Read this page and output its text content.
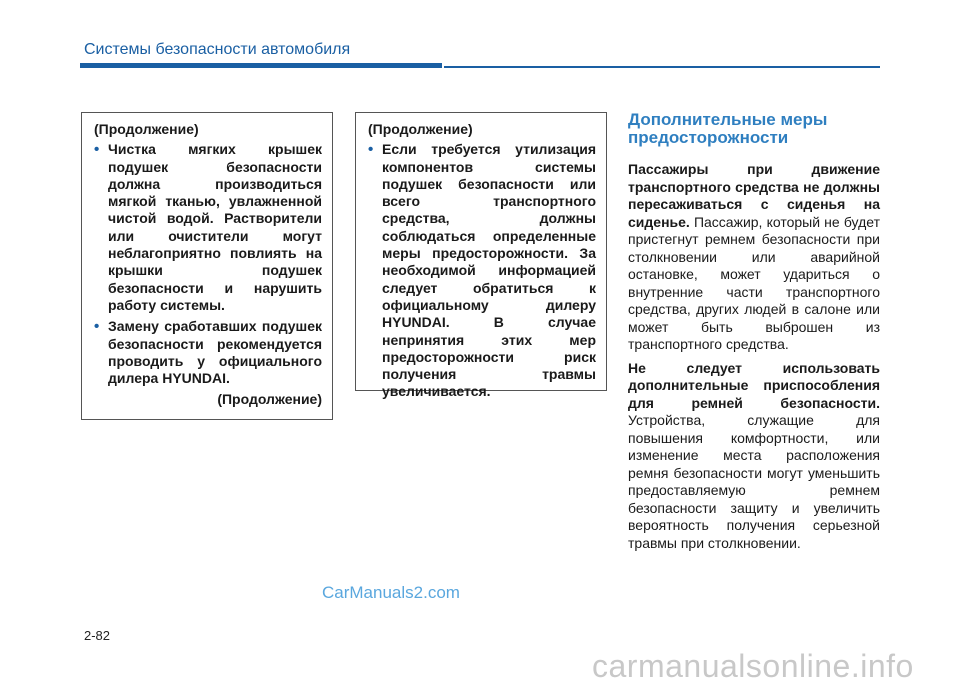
Системы безопасности автомобиля
(Продолжение)
• Чистка мягких крышек подушек безопасности должна производиться мягкой тканью, увлажненной чистой водой. Растворители или очистители могут неблагоприятно повлиять на крышки подушек безопасности и нарушить работу системы.
• Замену сработавших подушек безопасности рекомендуется проводить у официального дилера HYUNDAI.
(Продолжение)
(Продолжение)
• Если требуется утилизация компонентов системы подушек безопасности или всего транспортного средства, должны соблюдаться определенные меры предосторожности. За необходимой информацией следует обратиться к официальному дилеру HYUNDAI. В случае непринятия этих мер предосторожности риск получения травмы увеличивается.
Дополнительные меры предосторожности

Пассажиры при движение транспортного средства не должны пересаживаться с сиденья на сиденье. Пассажир, который не будет пристегнут ремнем безопасности при столкновении или аварийной остановке, может удариться о внутренние части транспортного средства, других людей в салоне или может быть выброшен из транспортного средства.

Не следует использовать дополнительные приспособления для ремней безопасности. Устройства, служащие для повышения комфортности, или изменение места расположения ремня безопасности могут уменьшить предоставляемую ремнем безопасности защиту и увеличить вероятность получения серьезной травмы при столкновении.

CarManuals2.com
2-82
carmanualsonline.info
